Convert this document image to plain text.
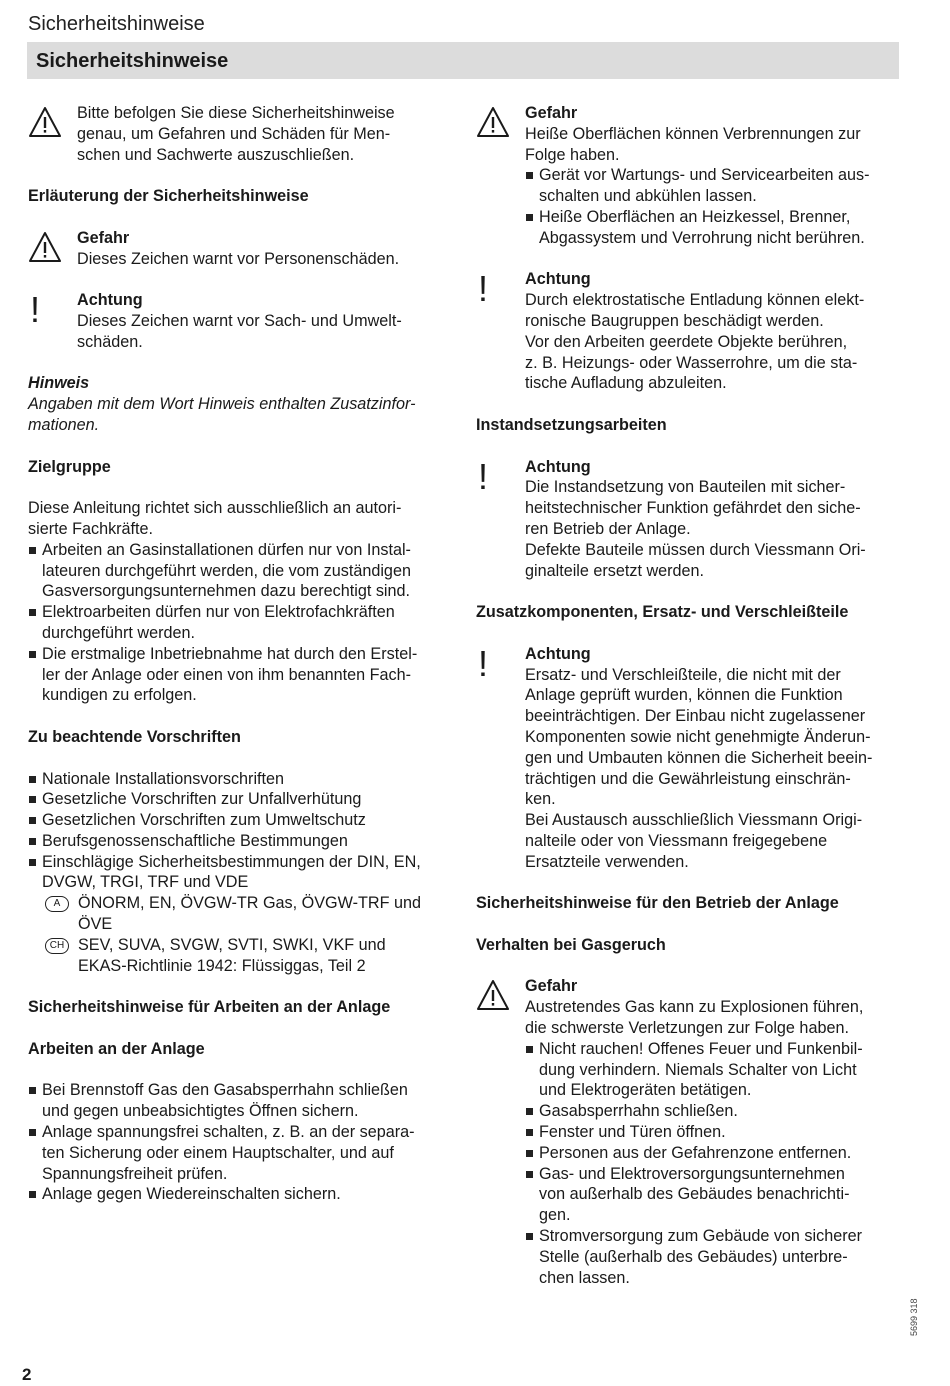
Sicherheitshinweise
Sicherheitshinweise

Bitte befolgen Sie diese Sicherheitshinweise

genau, um Gefahren und Schäden für Men-

schen und Sachwerte auszuschließen.

Erläuterung der Sicherheitshinweise

Gefahr

Dieses Zeichen warnt vor Personenschäden.

! Achtung

Dieses Zeichen warnt vor Sach- und Umwelt-

schäden.

Hinweis

Angaben mit dem Wort Hinweis enthalten Zusatzinfor-

mationen.

Zielgruppe

Diese Anleitung richtet sich ausschließlich an autori-

sierte Fachkräfte.

Arbeiten an Gasinstallationen dürfen nur von Instal-

lateuren durchgeführt werden, die vom zuständigen

Gasversorgungsunternehmen dazu berechtigt sind.

Elektroarbeiten dürfen nur von Elektrofachkräften

durchgeführt werden.

Die erstmalige Inbetriebnahme hat durch den Erstel-

ler der Anlage oder einen von ihm benannten Fach-

kundigen zu erfolgen.

Zu beachtende Vorschriften

Nationale Installationsvorschriften

Gesetzliche Vorschriften zur Unfallverhütung

Gesetzlichen Vorschriften zum Umweltschutz

Berufsgenossenschaftliche Bestimmungen

Einschlägige Sicherheitsbestimmungen der DIN, EN,

DVGW, TRGI, TRF und VDE

A	ÖNORM, EN, ÖVGW-TR Gas, ÖVGW-TRF und

ÖVE

CH SEV, SUVA, SVGW, SVTI, SWKI, VKF und

EKAS-Richtlinie 1942: Flüssiggas, Teil 2

Sicherheitshinweise für Arbeiten an der Anlage

Arbeiten an der Anlage

Bei Brennstoff Gas den Gasabsperrhahn schließen

und gegen unbeabsichtigtes Öffnen sichern.

Anlage spannungsfrei schalten, z. B. an der separa-

ten Sicherung oder einem Hauptschalter, und auf

Spannungsfreiheit prüfen.

Anlage gegen Wiedereinschalten sichern.

Gefahr

Heiße Oberflächen können Verbrennungen zur

Folge haben.

Gerät vor Wartungs- und Servicearbeiten aus-

schalten und abkühlen lassen.

Heiße Oberflächen an Heizkessel, Brenner,

Abgassystem und Verrohrung nicht berühren.

! Achtung

Durch elektrostatische Entladung können elekt-

ronische Baugruppen beschädigt werden.

Vor den Arbeiten geerdete Objekte berühren,

z. B. Heizungs- oder Wasserrohre, um die sta-

tische Aufladung abzuleiten.

Instandsetzungsarbeiten

! Achtung

Die Instandsetzung von Bauteilen mit sicher-

heitstechnischer Funktion gefährdet den siche-

ren Betrieb der Anlage.

Defekte Bauteile müssen durch Viessmann Ori-

ginalteile ersetzt werden.

Zusatzkomponenten, Ersatz- und Verschleißteile

! Achtung

Ersatz- und Verschleißteile, die nicht mit der

Anlage geprüft wurden, können die Funktion

beeinträchtigen. Der Einbau nicht zugelassener

Komponenten sowie nicht genehmigte Änderun-

gen und Umbauten können die Sicherheit beein-

trächtigen und die Gewährleistung einschrän-

ken.

Bei Austausch ausschließlich Viessmann Origi-

nalteile oder von Viessmann freigegebene

Ersatzteile verwenden.

Sicherheitshinweise für den Betrieb der Anlage

Verhalten bei Gasgeruch

Gefahr

Austretendes Gas kann zu Explosionen führen,

die schwerste Verletzungen zur Folge haben.

Nicht rauchen! Offenes Feuer und Funkenbil-

dung verhindern. Niemals Schalter von Licht

und Elektrogeräten betätigen.

Gasabsperrhahn schließen.

Fenster und Türen öffnen.

Personen aus der Gefahrenzone entfernen.

Gas- und Elektroversorgungsunternehmen

von außerhalb des Gebäudes benachrichti-

gen.

Stromversorgung zum Gebäude von sicherer

Stelle (außerhalb des Gebäudes) unterbre-

chen lassen.

5699 318
2
